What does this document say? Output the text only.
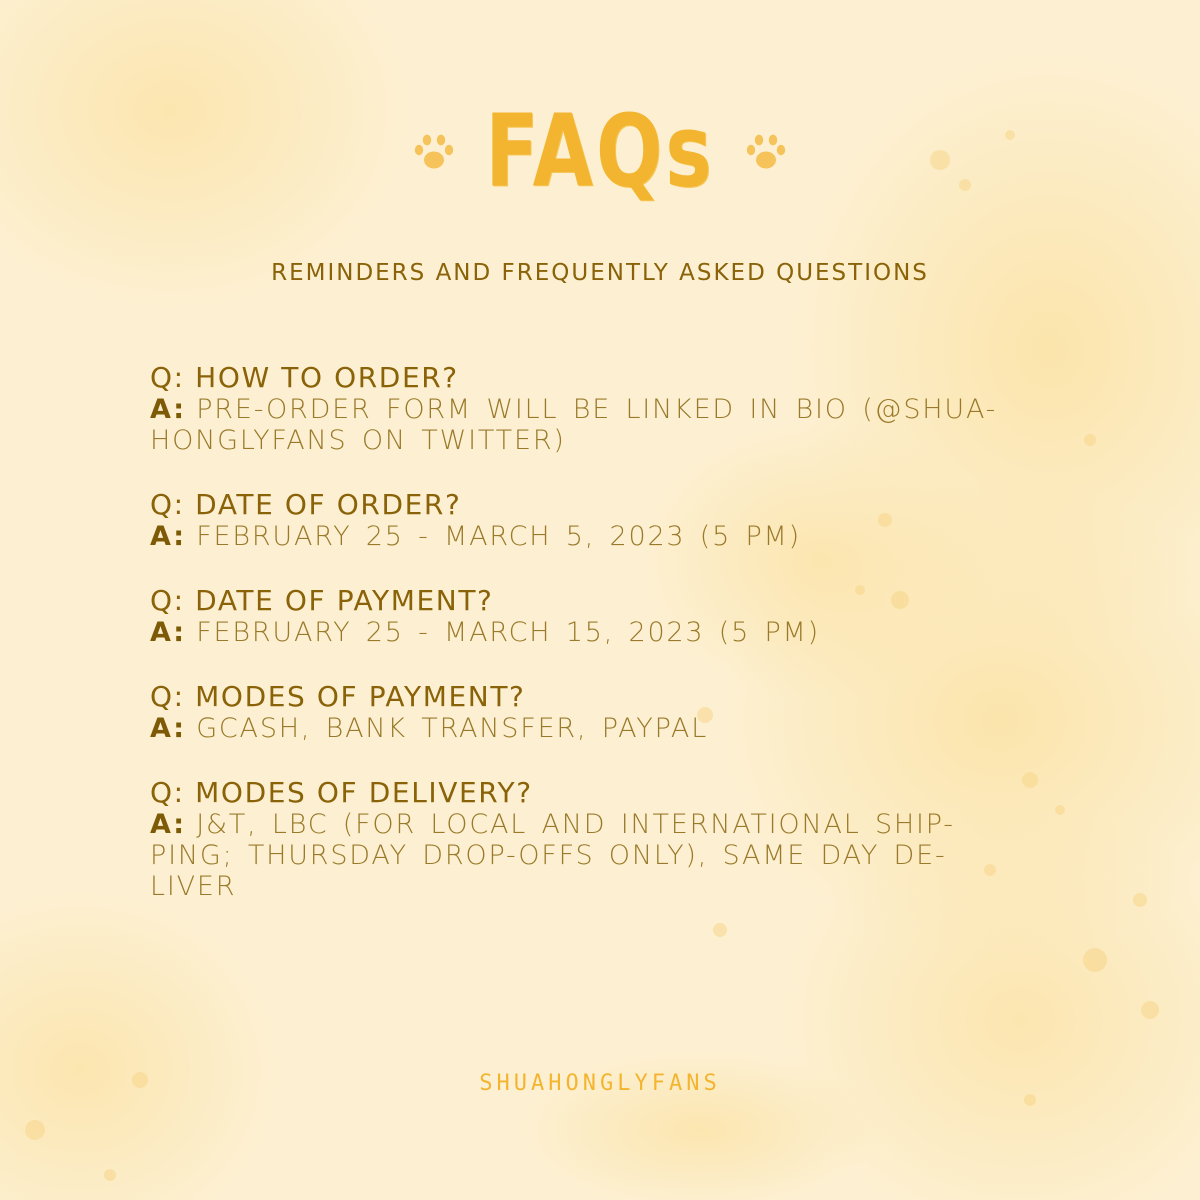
FAQs
REMINDERS AND FREQUENTLY ASKED QUESTIONS
Q: HOW TO ORDER?
A: PRE-ORDER FORM WILL BE LINKED IN BIO (@SHUA-
HONGLYFANS ON TWITTER)
Q: DATE OF ORDER?
A: FEBRUARY 25 - MARCH 5, 2023 (5 PM)
Q: DATE OF PAYMENT?
A: FEBRUARY 25 - MARCH 15, 2023 (5 PM)
Q: MODES OF PAYMENT?
A: GCASH, BANK TRANSFER, PAYPAL
Q: MODES OF DELIVERY?
A: J&T, LBC (FOR LOCAL AND INTERNATIONAL SHIP-
PING; THURSDAY DROP-OFFS ONLY), SAME DAY DE-
LIVER
SHUAHONGLYFANS
